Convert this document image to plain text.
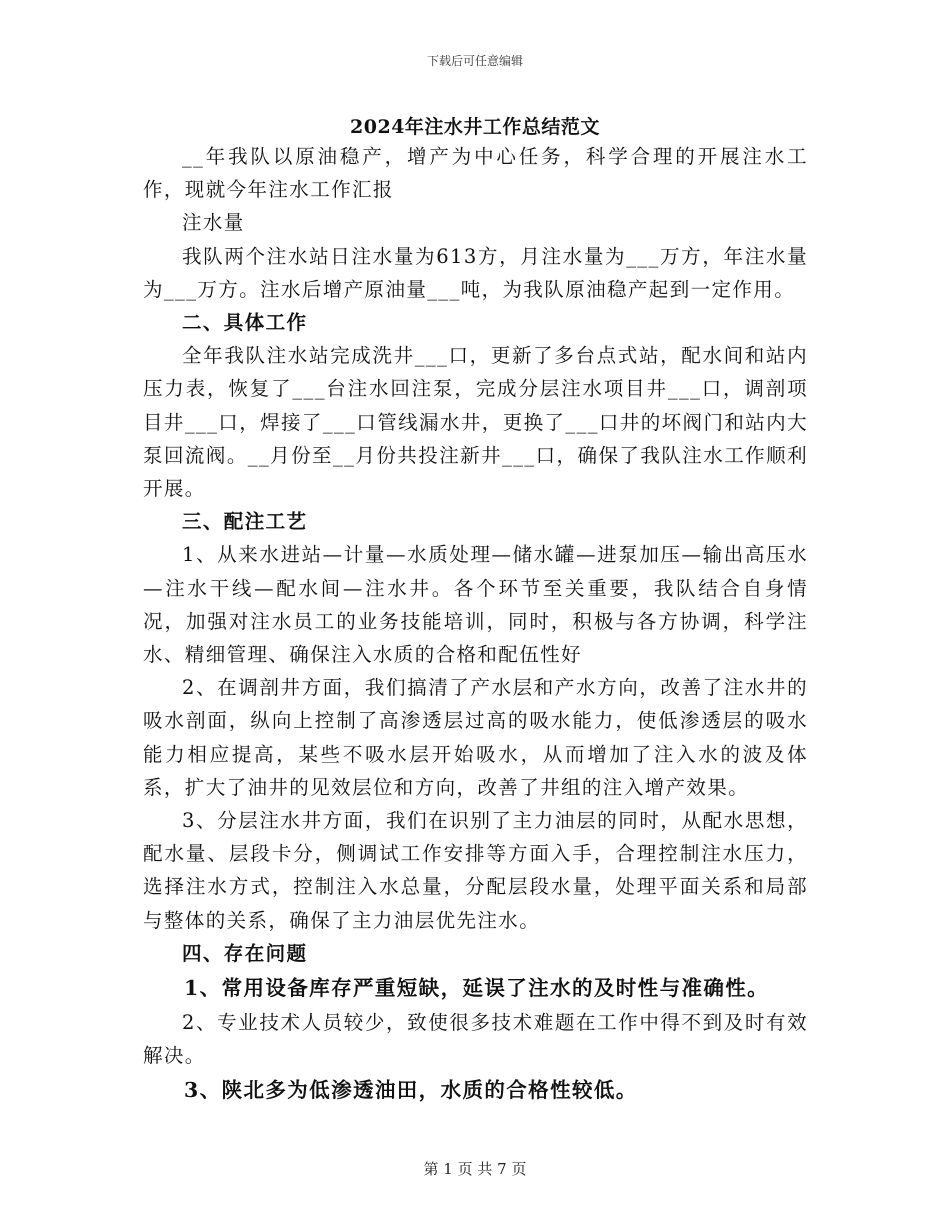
下载后可任意编辑
2024年注水井工作总结范文

__年我队以原油稳产，增产为中心任务，科学合理的开展注水工作，现就今年注水工作汇报

注水量

我队两个注水站日注水量为613方，月注水量为___万方，年注水量为___万方。注水后增产原油量___吨，为我队原油稳产起到一定作用。

二、具体工作

全年我队注水站完成洗井___口，更新了多台点式站，配水间和站内压力表，恢复了___台注水回注泵，完成分层注水项目井___口，调剖项目井___口，焊接了___口管线漏水井，更换了___口井的坏阀门和站内大泵回流阀。__月份至__月份共投注新井___口，确保了我队注水工作顺利开展。

三、配注工艺

1、从来水进站—计量—水质处理—储水罐—进泵加压—输出高压水—注水干线—配水间—注水井。各个环节至关重要，我队结合自身情况，加强对注水员工的业务技能培训，同时，积极与各方协调，科学注水、精细管理、确保注入水质的合格和配伍性好

2、在调剖井方面，我们搞清了产水层和产水方向，改善了注水井的吸水剖面，纵向上控制了高渗透层过高的吸水能力，使低渗透层的吸水能力相应提高，某些不吸水层开始吸水，从而增加了注入水的波及体系，扩大了油井的见效层位和方向，改善了井组的注入增产效果。

3、分层注水井方面，我们在识别了主力油层的同时，从配水思想，配水量、层段卡分，侧调试工作安排等方面入手，合理控制注水压力，选择注水方式，控制注入水总量，分配层段水量，处理平面关系和局部与整体的关系，确保了主力油层优先注水。

四、存在问题

1、常用设备库存严重短缺，延误了注水的及时性与准确性。

2、专业技术人员较少，致使很多技术难题在工作中得不到及时有效解决。

3、陕北多为低渗透油田，水质的合格性较低。

第 1 页 共 7 页
